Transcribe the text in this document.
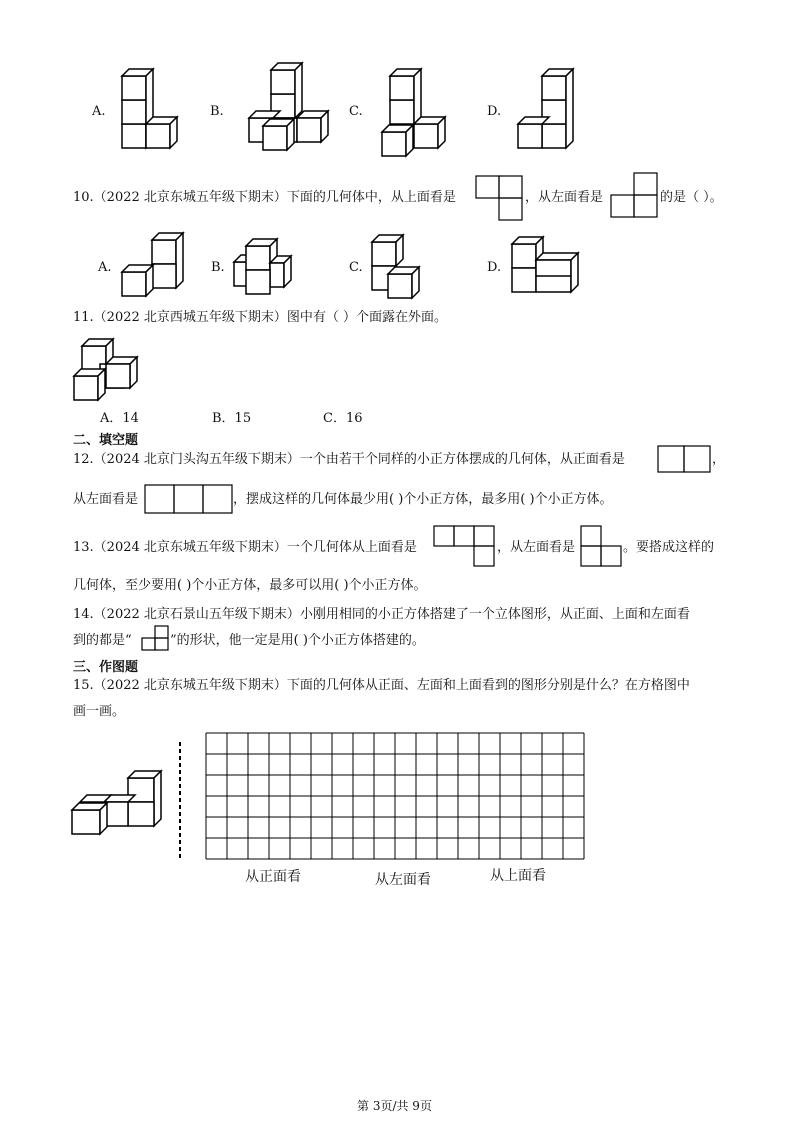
A.	B.	C.	D.
10.（2022 北京东城五年级下期末）下面的几何体中，从上面看是	，从左面看是	的是（ ）。
A.	B.	C.	D.
11.（2022 北京西城五年级下期末）图中有（ ）个面露在外面。
A．14	B．15	C．16
二、填空题
12.（2024 北京门头沟五年级下期末）一个由若干个同样的小正方体摆成的几何体，从正面看是	，
从左面看是	，摆成这样的几何体最少用( )个小正方体，最多用( )个小正方体。
13.（2024 北京东城五年级下期末）一个几何体从上面看是	，从左面看是	。要搭成这样的
几何体，至少要用( )个小正方体，最多可以用( )个小正方体。
14.（2022 北京石景山五年级下期末）小刚用相同的小正方体搭建了一个立体图形，从正面、上面和左面看
到的都是“	”的形状，他一定是用( )个小正方体搭建的。
三、作图题
15.（2022 北京东城五年级下期末）下面的几何体从正面、左面和上面看到的图形分别是什么？在方格图中
画一画。
从正面看	从左面看	从上面看
第 3页/共 9页
